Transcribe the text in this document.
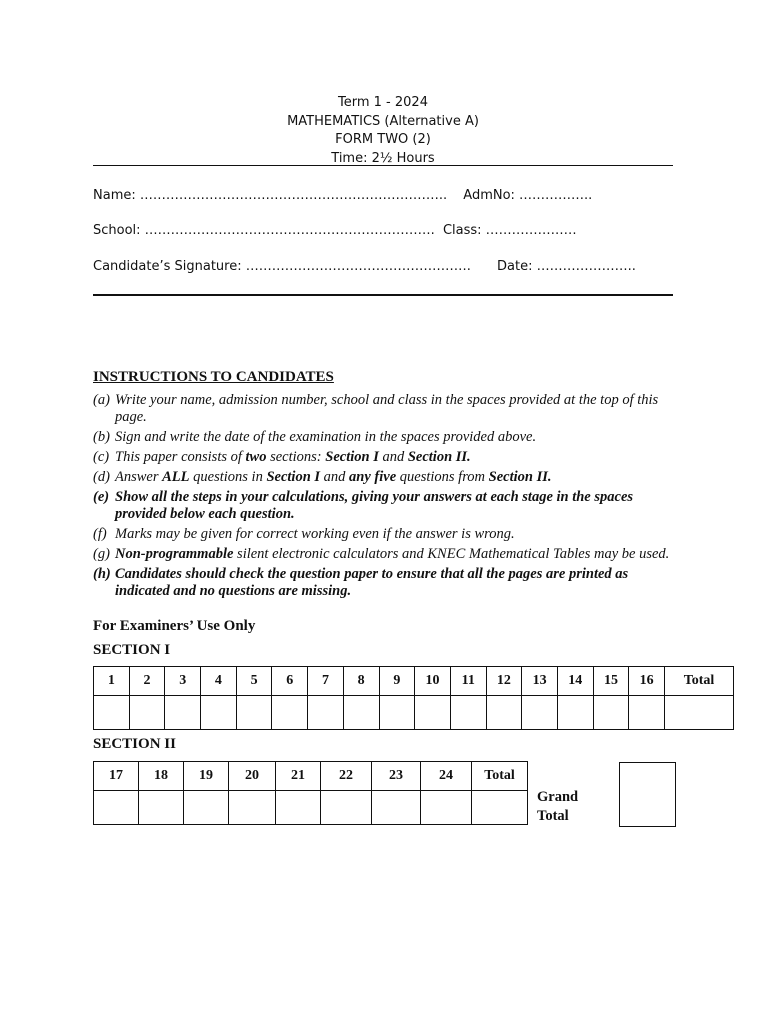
Term 1 - 2024
MATHEMATICS (Alternative A)
FORM TWO (2)
Time: 2½ Hours
Name: …………………………………………………………….. AdmNo: ……………..
School: …………………………………………………………. Class: …………………
Candidate’s Signature: ……………………………………………. Date: …………………..
INSTRUCTIONS TO CANDIDATES
(a) Write your name, admission number, school and class in the spaces provided at the top of this page.
(b) Sign and write the date of the examination in the spaces provided above.
(c) This paper consists of two sections: Section I and Section II.
(d) Answer ALL questions in Section I and any five questions from Section II.
(e) Show all the steps in your calculations, giving your answers at each stage in the spaces provided below each question.
(f) Marks may be given for correct working even if the answer is wrong.
(g) Non-programmable silent electronic calculators and KNEC Mathematical Tables may be used.
(h) Candidates should check the question paper to ensure that all the pages are printed as indicated and no questions are missing.
For Examiners’ Use Only
SECTION I
1	2	3	4	5	6	7	8	9	10	11	12	13	14	15	16	Total

SECTION II
17	18	19	20	21	22	23	24	Total

Grand
Total
